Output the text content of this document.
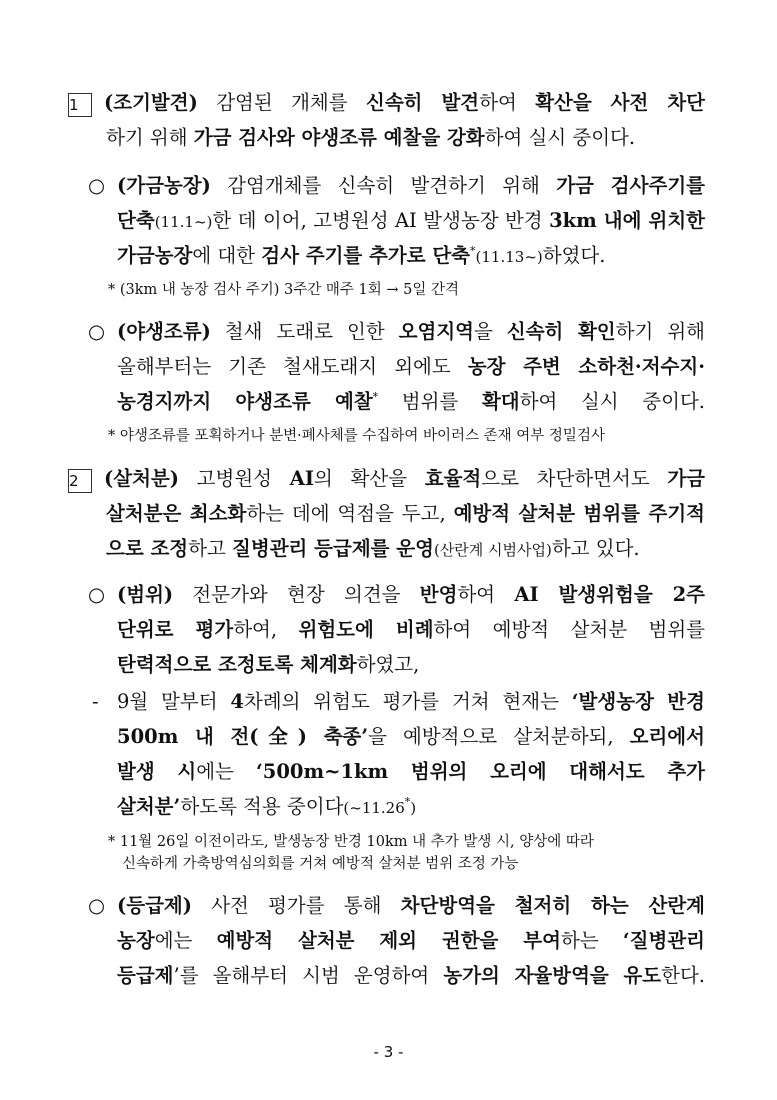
1 (조기발견) 감염된 개체를 신속히 발견하여 확산을 사전 차단
하기 위해 가금 검사와 야생조류 예찰을 강화하여 실시 중이다.
○ (가금농장) 감염개체를 신속히 발견하기 위해 가금 검사주기를
단축(11.1~)한 데 이어, 고병원성 AI 발생농장 반경 3km 내에 위치한
가금농장에 대한 검사 주기를 추가로 단축*(11.13~)하였다.
* (3km 내 농장 검사 주기) 3주간 매주 1회 → 5일 간격
○ (야생조류) 철새 도래로 인한 오염지역을 신속히 확인하기 위해
올해부터는 기존 철새도래지 외에도 농장 주변 소하천·저수지·
농경지까지 야생조류 예찰* 범위를 확대하여 실시 중이다.
* 야생조류를 포획하거나 분변·폐사체를 수집하여 바이러스 존재 여부 정밀검사
2 (살처분) 고병원성 AI의 확산을 효율적으로 차단하면서도 가금
살처분은 최소화하는 데에 역점을 두고, 예방적 살처분 범위를 주기적
으로 조정하고 질병관리 등급제를 운영(산란계 시범사업)하고 있다.
○ (범위) 전문가와 현장 의견을 반영하여 AI 발생위험을 2주
단위로 평가하여, 위험도에 비례하여 예방적 살처분 범위를
탄력적으로 조정토록 체계화하였고,
- 9월 말부터 4차례의 위험도 평가를 거쳐 현재는 ‘발생농장 반경
500m 내 전(全) 축종’을 예방적으로 살처분하되, 오리에서
발생 시에는 ‘500m~1km 범위의 오리에 대해서도 추가
살처분’하도록 적용 중이다(~11.26*)
* 11월 26일 이전이라도, 발생농장 반경 10km 내 추가 발생 시, 양상에 따라
신속하게 가축방역심의회를 거쳐 예방적 살처분 범위 조정 가능
○ (등급제) 사전 평가를 통해 차단방역을 철저히 하는 산란계
농장에는 예방적 살처분 제외 권한을 부여하는 ‘질병관리
등급제’를 올해부터 시범 운영하여 농가의 자율방역을 유도한다.
- 3 -
